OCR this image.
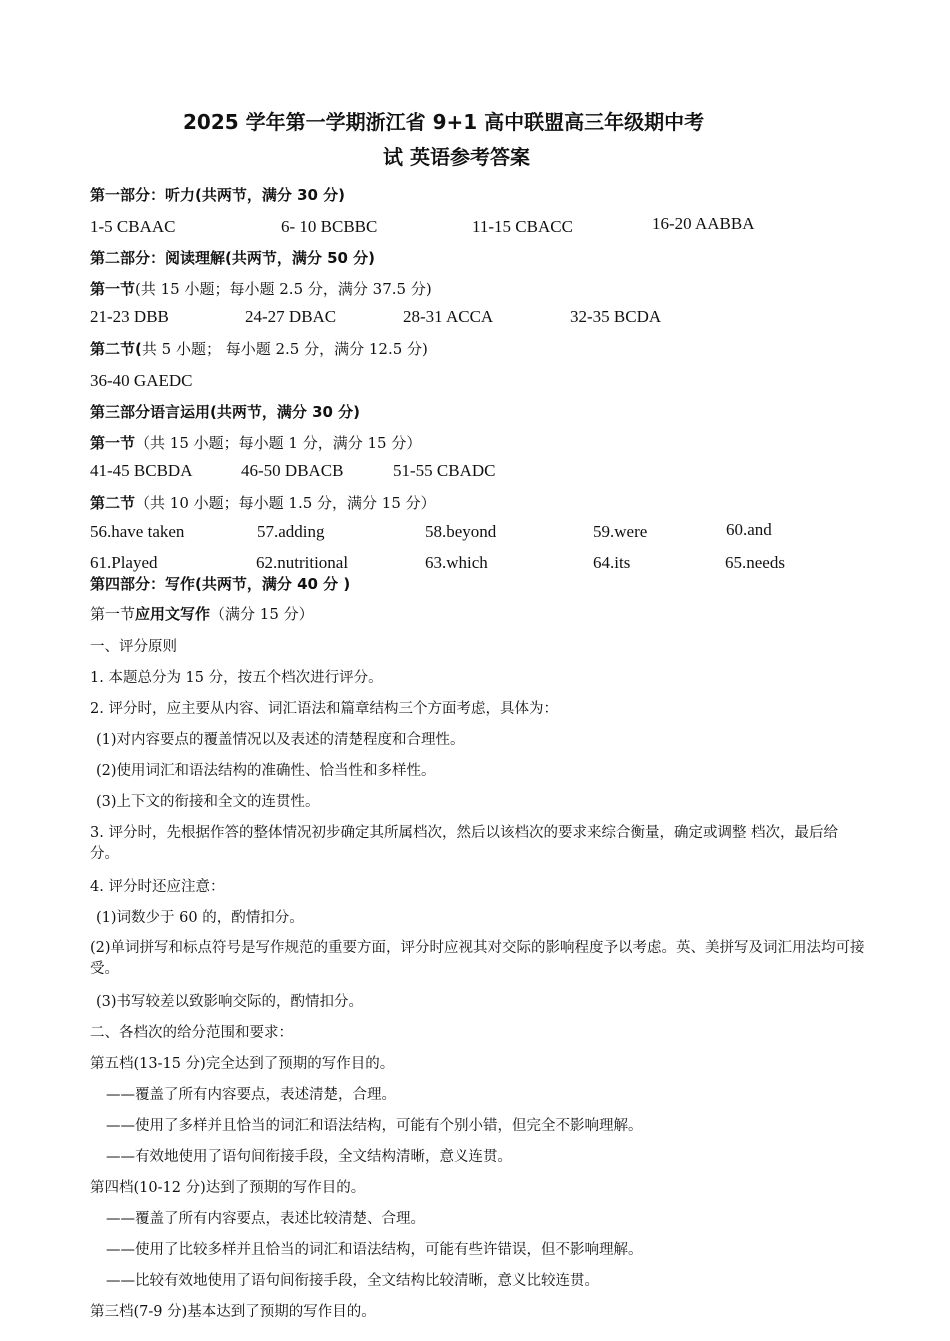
2025 学年第一学期浙江省 9+1 高中联盟高三年级期中考
试 英语参考答案
第一部分：听力(共两节，满分 30 分)
1-5 CBAAC	6- 10 BCBBC	11-15 CBACC	16-20 AABBA
第二部分：阅读理解(共两节，满分 50 分)
第一节(共 15 小题；每小题 2.5 分，满分 37.5 分)
21-23 DBB	24-27 DBAC	28-31 ACCA	32-35 BCDA
第二节(共 5 小题； 每小题 2.5 分，满分 12.5 分)
36-40 GAEDC
第三部分语言运用(共两节，满分 30 分)
第一节（共 15 小题；每小题 1 分，满分 15 分）
41-45 BCBDA	46-50 DBACB	51-55 CBADC
第二节（共 10 小题；每小题 1.5 分，满分 15 分）
56.have taken	57.adding	58.beyond	59.were	60.and
61.Played	62.nutritional	63.which	64.its	65.needs
第四部分：写作(共两节，满分 40 分 )
第一节应用文写作（满分 15 分）
一、评分原则
1. 本题总分为 15 分，按五个档次进行评分。
2. 评分时，应主要从内容、词汇语法和篇章结构三个方面考虑，具体为：
(1)对内容要点的覆盖情况以及表述的清楚程度和合理性。
(2)使用词汇和语法结构的准确性、恰当性和多样性。
(3)上下文的衔接和全文的连贯性。
3. 评分时，先根据作答的整体情况初步确定其所属档次，然后以该档次的要求来综合衡量，确定或调整 档次，最后给分。
4. 评分时还应注意：
(1)词数少于 60 的，酌情扣分。
(2)单词拼写和标点符号是写作规范的重要方面，评分时应视其对交际的影响程度予以考虑。英、美拼写及词汇用法均可接受。
(3)书写较差以致影响交际的，酌情扣分。
二、各档次的给分范围和要求：
第五档(13-15 分)完全达到了预期的写作目的。
——覆盖了所有内容要点，表述清楚，合理。
——使用了多样并且恰当的词汇和语法结构，可能有个别小错，但完全不影响理解。
——有效地使用了语句间衔接手段，全文结构清晰，意义连贯。
第四档(10-12 分)达到了预期的写作目的。
——覆盖了所有内容要点，表述比较清楚、合理。
——使用了比较多样并且恰当的词汇和语法结构，可能有些许错误，但不影响理解。
——比较有效地使用了语句间衔接手段，全文结构比较清晰，意义比较连贯。
第三档(7-9 分)基本达到了预期的写作目的。
